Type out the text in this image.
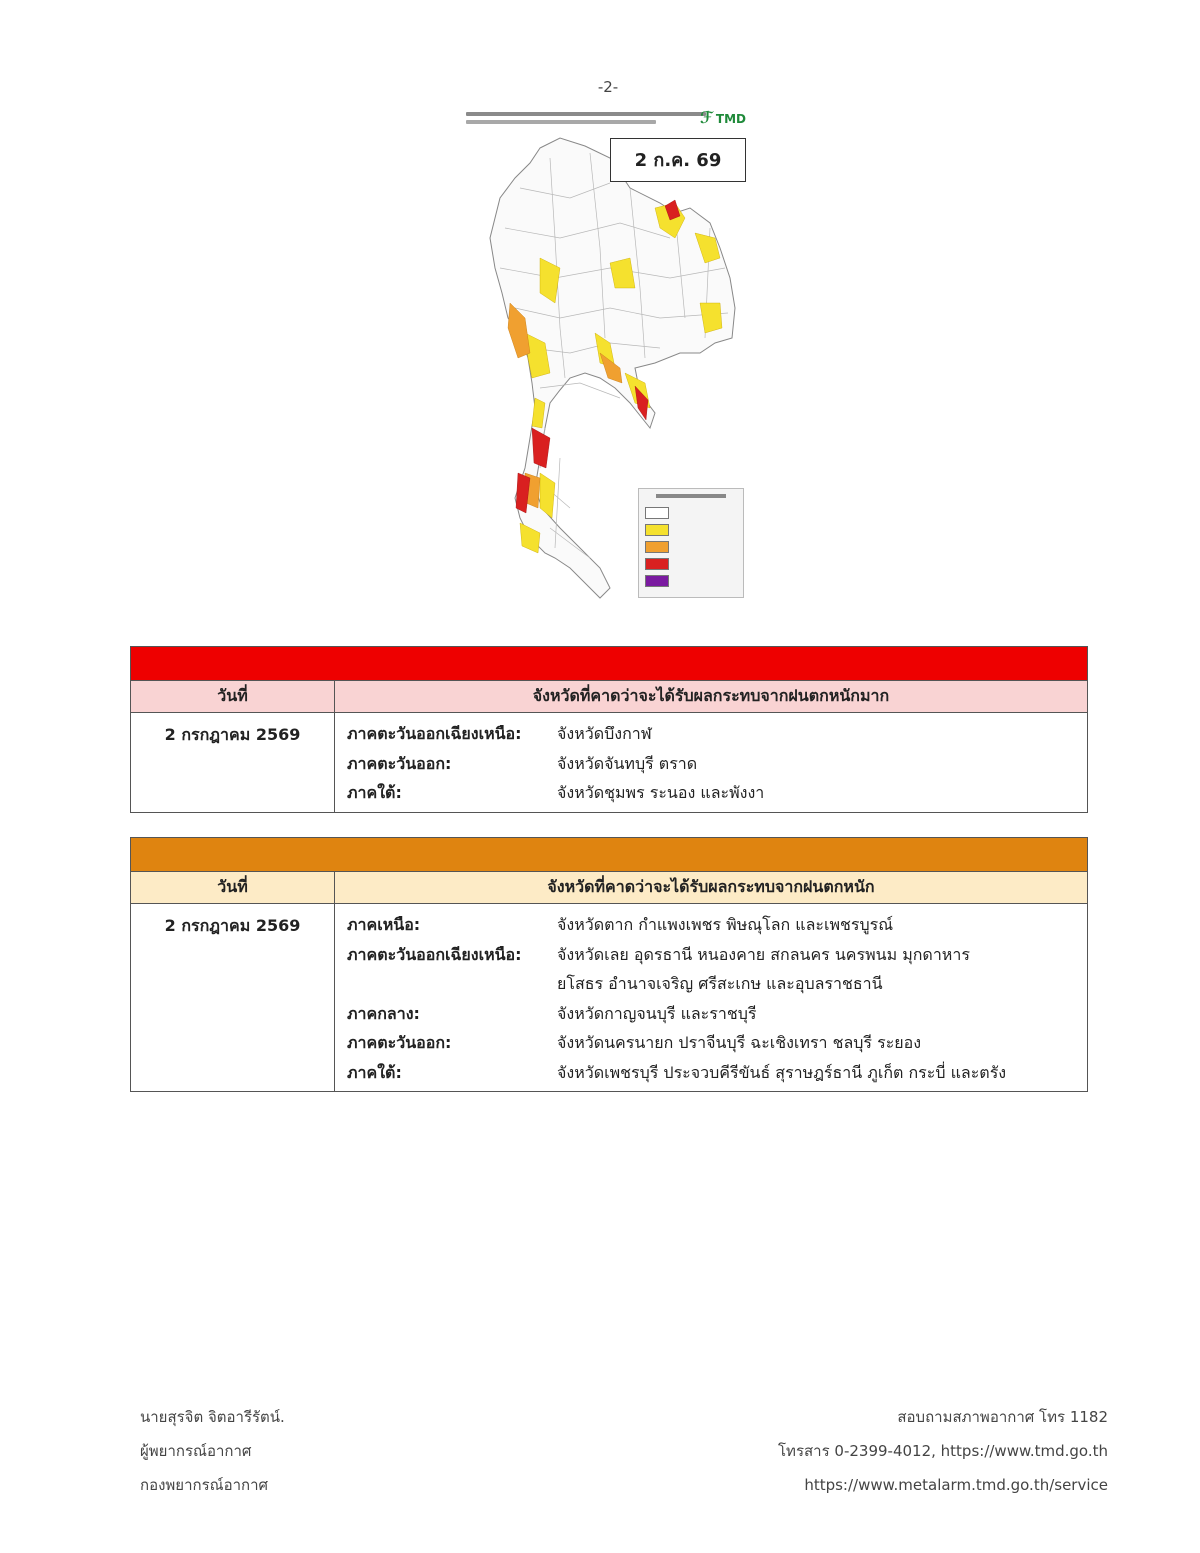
-2-
ℱ TMD
2 ก.ค. 69
วันที่	จังหวัดที่คาดว่าจะได้รับผลกระทบจากฝนตกหนักมาก
2 กรกฎาคม 2569	ภาคตะวันออกเฉียงเหนือ:	จังหวัดบึงกาฬ
ภาคตะวันออก:	จังหวัดจันทบุรี ตราด
ภาคใต้:	จังหวัดชุมพร ระนอง และพังงา
วันที่	จังหวัดที่คาดว่าจะได้รับผลกระทบจากฝนตกหนัก
2 กรกฎาคม 2569	ภาคเหนือ:	จังหวัดตาก กำแพงเพชร พิษณุโลก และเพชรบูรณ์
ภาคตะวันออกเฉียงเหนือ:	จังหวัดเลย อุดรธานี หนองคาย สกลนคร นครพนม มุกดาหาร
ยโสธร อำนาจเจริญ ศรีสะเกษ และอุบลราชธานี
ภาคกลาง:	จังหวัดกาญจนบุรี และราชบุรี
ภาคตะวันออก:	จังหวัดนครนายก ปราจีนบุรี ฉะเชิงเทรา ชลบุรี ระยอง
ภาคใต้:	จังหวัดเพชรบุรี ประจวบคีรีขันธ์ สุราษฎร์ธานี ภูเก็ต กระบี่ และตรัง
นายสุรจิต จิตอารีรัตน์.
ผู้พยากรณ์อากาศ
กองพยากรณ์อากาศ
สอบถามสภาพอากาศ โทร 1182
โทรสาร 0-2399-4012, https://www.tmd.go.th
https://www.metalarm.tmd.go.th/service
